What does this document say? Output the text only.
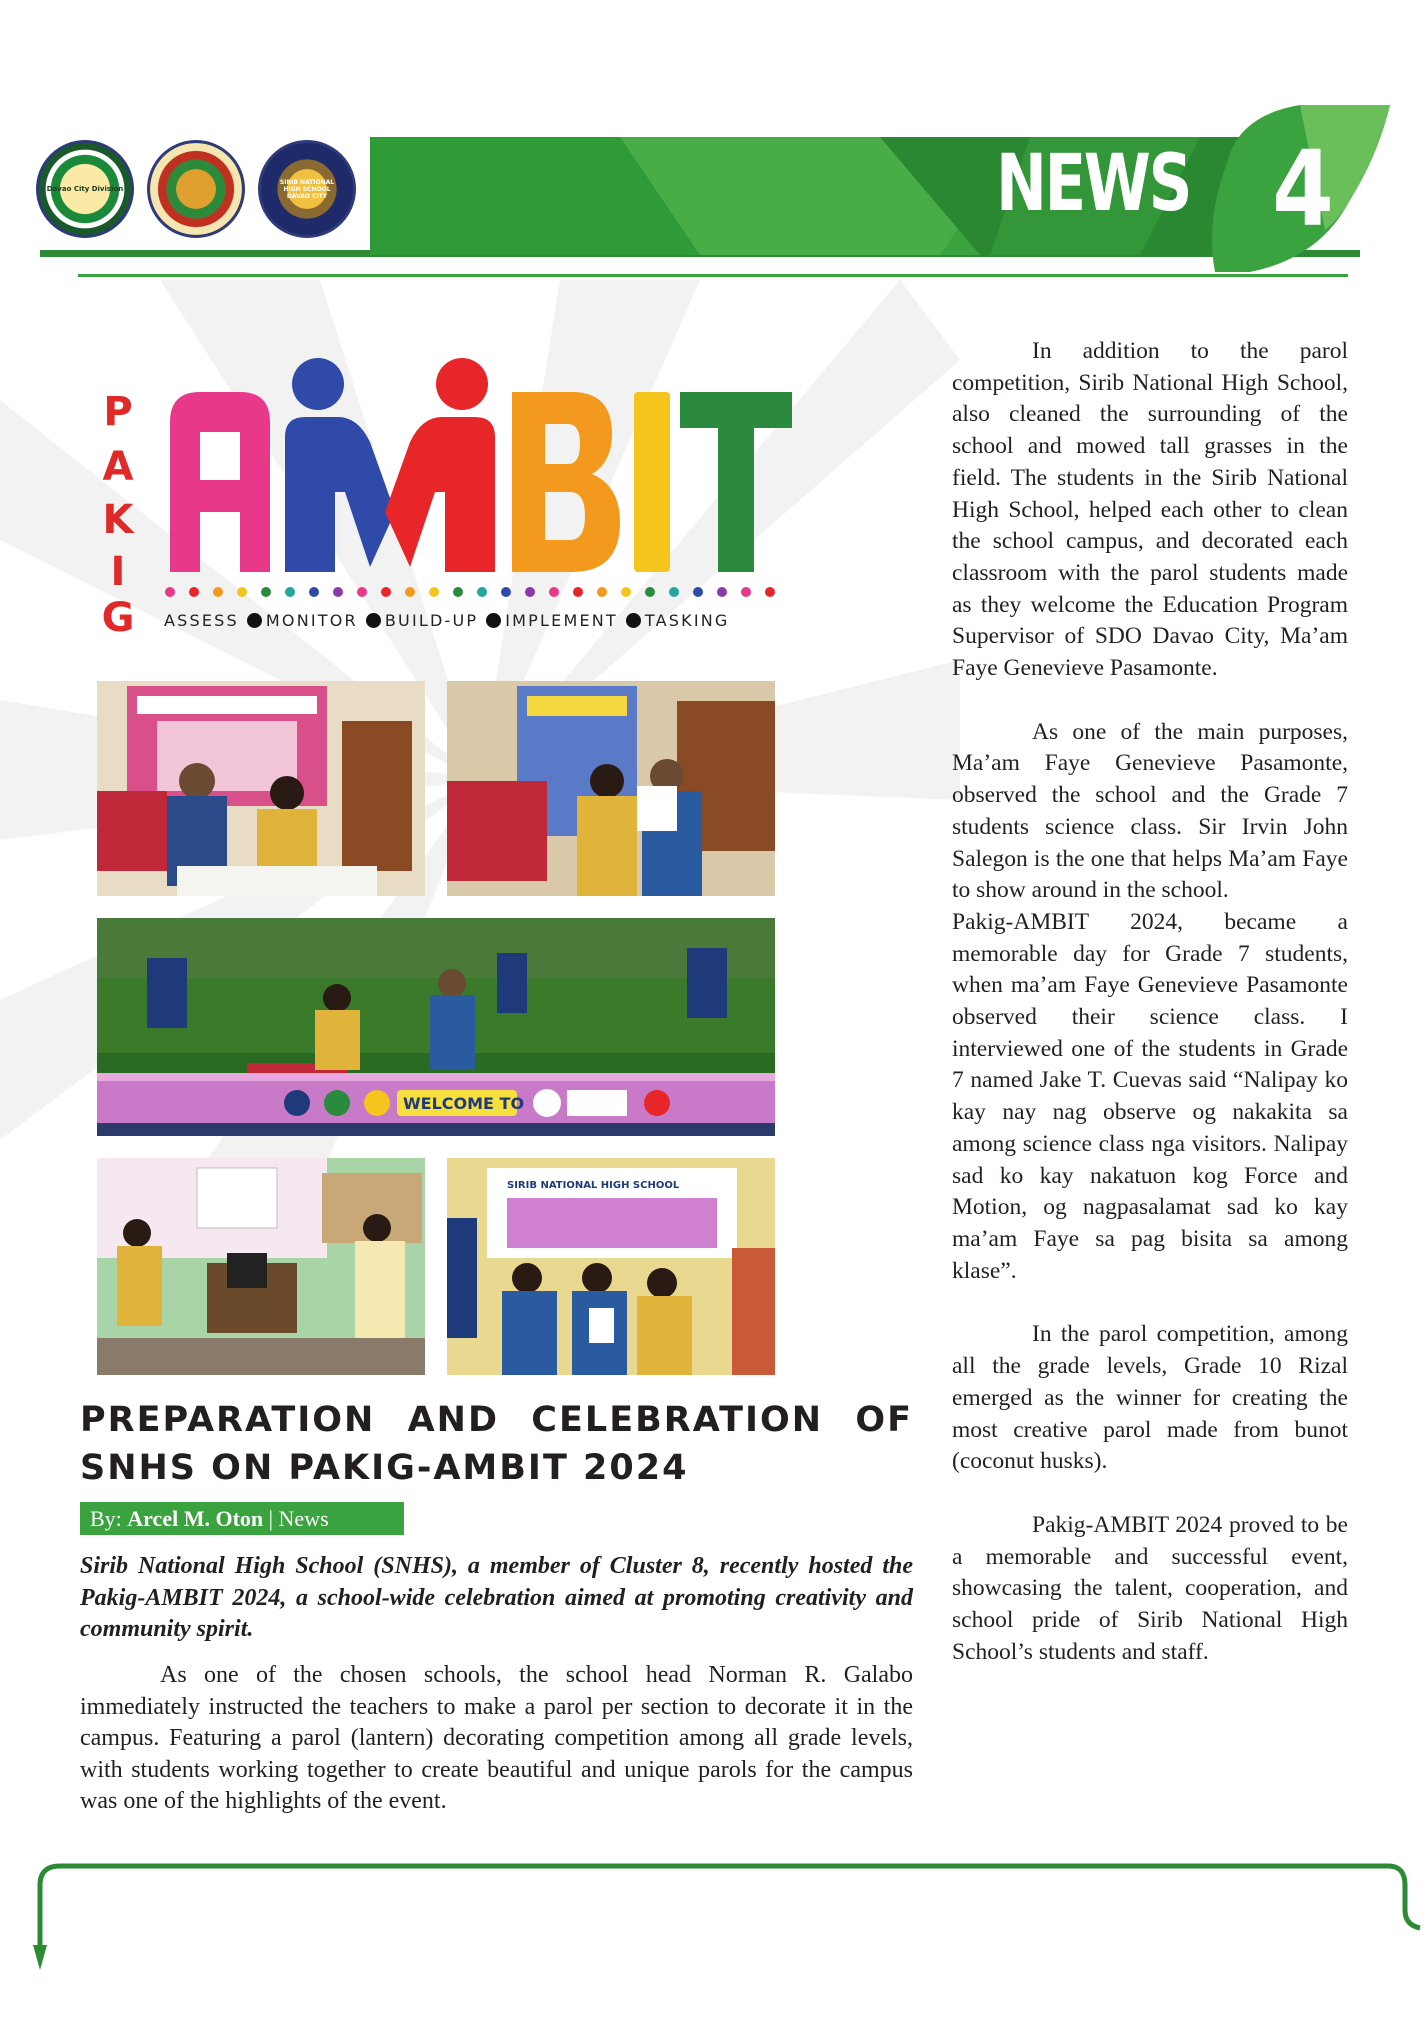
Davao City Division
SIRIB NATIONAL HIGH SCHOOL DAVAO CITY	NEWS 4
P
A
K
I
G	ASSESS MONITOR BUILD-UP IMPLEMENT TASKING
WELCOME TO
SIRIB NATIONAL HIGH SCHOOL
PREPARATION AND CELEBRATION OF SNHS ON PAKIG-AMBIT 2024
By: Arcel M. Oton | News
Sirib National High School (SNHS), a member of Cluster 8, recently hosted the Pakig-AMBIT 2024, a school-wide celebration aimed at promoting creativity and community spirit.
As one of the chosen schools, the school head Norman R. Galabo immediately instructed the teachers to make a parol per section to decorate it in the campus. Featuring a parol (lantern) decorating competition among all grade levels, with students working together to create beautiful and unique parols for the campus was one of the highlights of the event.

In addition to the parol competition, Sirib National High School, also cleaned the surrounding of the school and mowed tall grasses in the field. The students in the Sirib National High School, helped each other to clean the school campus, and decorated each classroom with the parol students made as they welcome the Education Program Supervisor of SDO Davao City, Ma’am Faye Genevieve Pasamonte.

As one of the main purposes, Ma’am Faye Genevieve Pasamonte, observed the school and the Grade 7 students science class. Sir Irvin John Salegon is the one that helps Ma’am Faye to show around in the school.

Pakig-AMBIT 2024, became a memorable day for Grade 7 students, when ma’am Faye Genevieve Pasamonte observed their science class. I interviewed one of the students in Grade 7 named Jake T. Cuevas said “Nalipay ko kay nay nag observe og nakakita sa among science class nga visitors. Nalipay sad ko kay nakatuon kog Force and Motion, og nagpasalamat sad ko kay ma’am Faye sa pag bisita sa among klase”.

In the parol competition, among all the grade levels, Grade 10 Rizal emerged as the winner for creating the most creative parol made from bunot (coconut husks).

Pakig-AMBIT 2024 proved to be a memorable and successful event, showcasing the talent, cooperation, and school pride of Sirib National High School’s students and staff.
